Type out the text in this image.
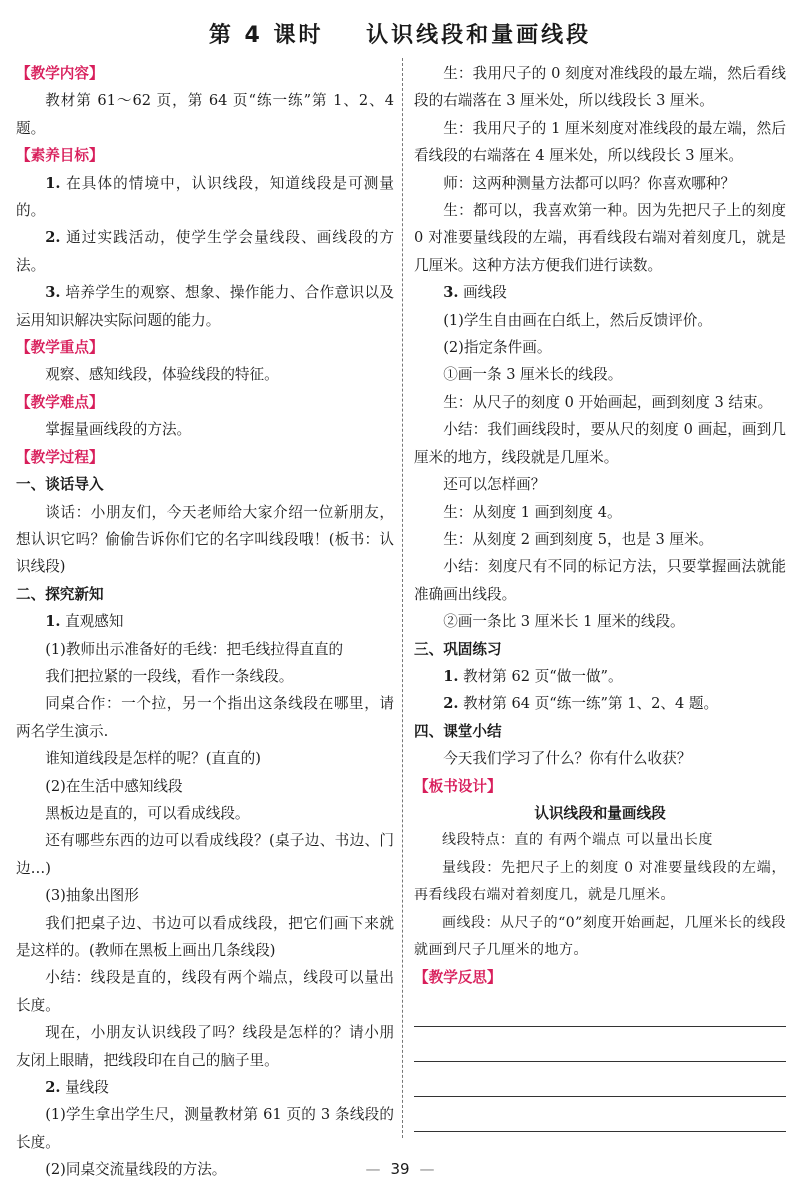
第 4 课时    认识线段和量画线段
【教学内容】

教材第 61～62 页，第 64 页“练一练”第 1、2、4 题。

【素养目标】

1. 在具体的情境中，认识线段，知道线段是可测量的。

2. 通过实践活动，使学生学会量线段、画线段的方法。

3. 培养学生的观察、想象、操作能力、合作意识以及运用知识解决实际问题的能力。

【教学重点】

观察、感知线段，体验线段的特征。

【教学难点】

掌握量画线段的方法。

【教学过程】
一、谈话导入

谈话：小朋友们，今天老师给大家介绍一位新朋友，想认识它吗？偷偷告诉你们它的名字叫线段哦！(板书：认识线段)

二、探究新知

1. 直观感知

(1)教师出示准备好的毛线：把毛线拉得直直的

我们把拉紧的一段线，看作一条线段。

同桌合作：一个拉，另一个指出这条线段在哪里，请两名学生演示.

谁知道线段是怎样的呢？(直直的)

(2)在生活中感知线段

黑板边是直的，可以看成线段。

还有哪些东西的边可以看成线段？(桌子边、书边、门边…)

(3)抽象出图形

我们把桌子边、书边可以看成线段，把它们画下来就是这样的。(教师在黑板上画出几条线段)

小结：线段是直的，线段有两个端点，线段可以量出长度。

现在，小朋友认识线段了吗？线段是怎样的？请小朋友闭上眼睛，把线段印在自己的脑子里。

2. 量线段

(1)学生拿出学生尺，测量教材第 61 页的 3 条线段的长度。

(2)同桌交流量线段的方法。

生：我用尺子的 0 刻度对准线段的最左端，然后看线段的右端落在 3 厘米处，所以线段长 3 厘米。

生：我用尺子的 1 厘米刻度对准线段的最左端，然后看线段的右端落在 4 厘米处，所以线段长 3 厘米。

师：这两种测量方法都可以吗？你喜欢哪种？

生：都可以，我喜欢第一种。因为先把尺子上的刻度 0 对准要量线段的左端，再看线段右端对着刻度几，就是几厘米。这种方法方便我们进行读数。

3. 画线段

(1)学生自由画在白纸上，然后反馈评价。

(2)指定条件画。

①画一条 3 厘米长的线段。

生：从尺子的刻度 0 开始画起，画到刻度 3 结束。

小结：我们画线段时，要从尺的刻度 0 画起，画到几厘米的地方，线段就是几厘米。

还可以怎样画？

生：从刻度 1 画到刻度 4。

生：从刻度 2 画到刻度 5，也是 3 厘米。

小结：刻度尺有不同的标记方法，只要掌握画法就能准确画出线段。

②画一条比 3 厘米长 1 厘米的线段。

三、巩固练习

1. 教材第 62 页“做一做”。

2. 教材第 64 页“练一练”第 1、2、4 题。

四、课堂小结

今天我们学习了什么？你有什么收获？

【板书设计】
认识线段和量画线段

线段特点：直的 有两个端点 可以量出长度

量线段：先把尺子上的刻度 0 对准要量线段的左端，再看线段右端对着刻度几，就是几厘米。

画线段：从尺子的“0”刻度开始画起，几厘米长的线段就画到尺子几厘米的地方。

【教学反思】
— 39 —
